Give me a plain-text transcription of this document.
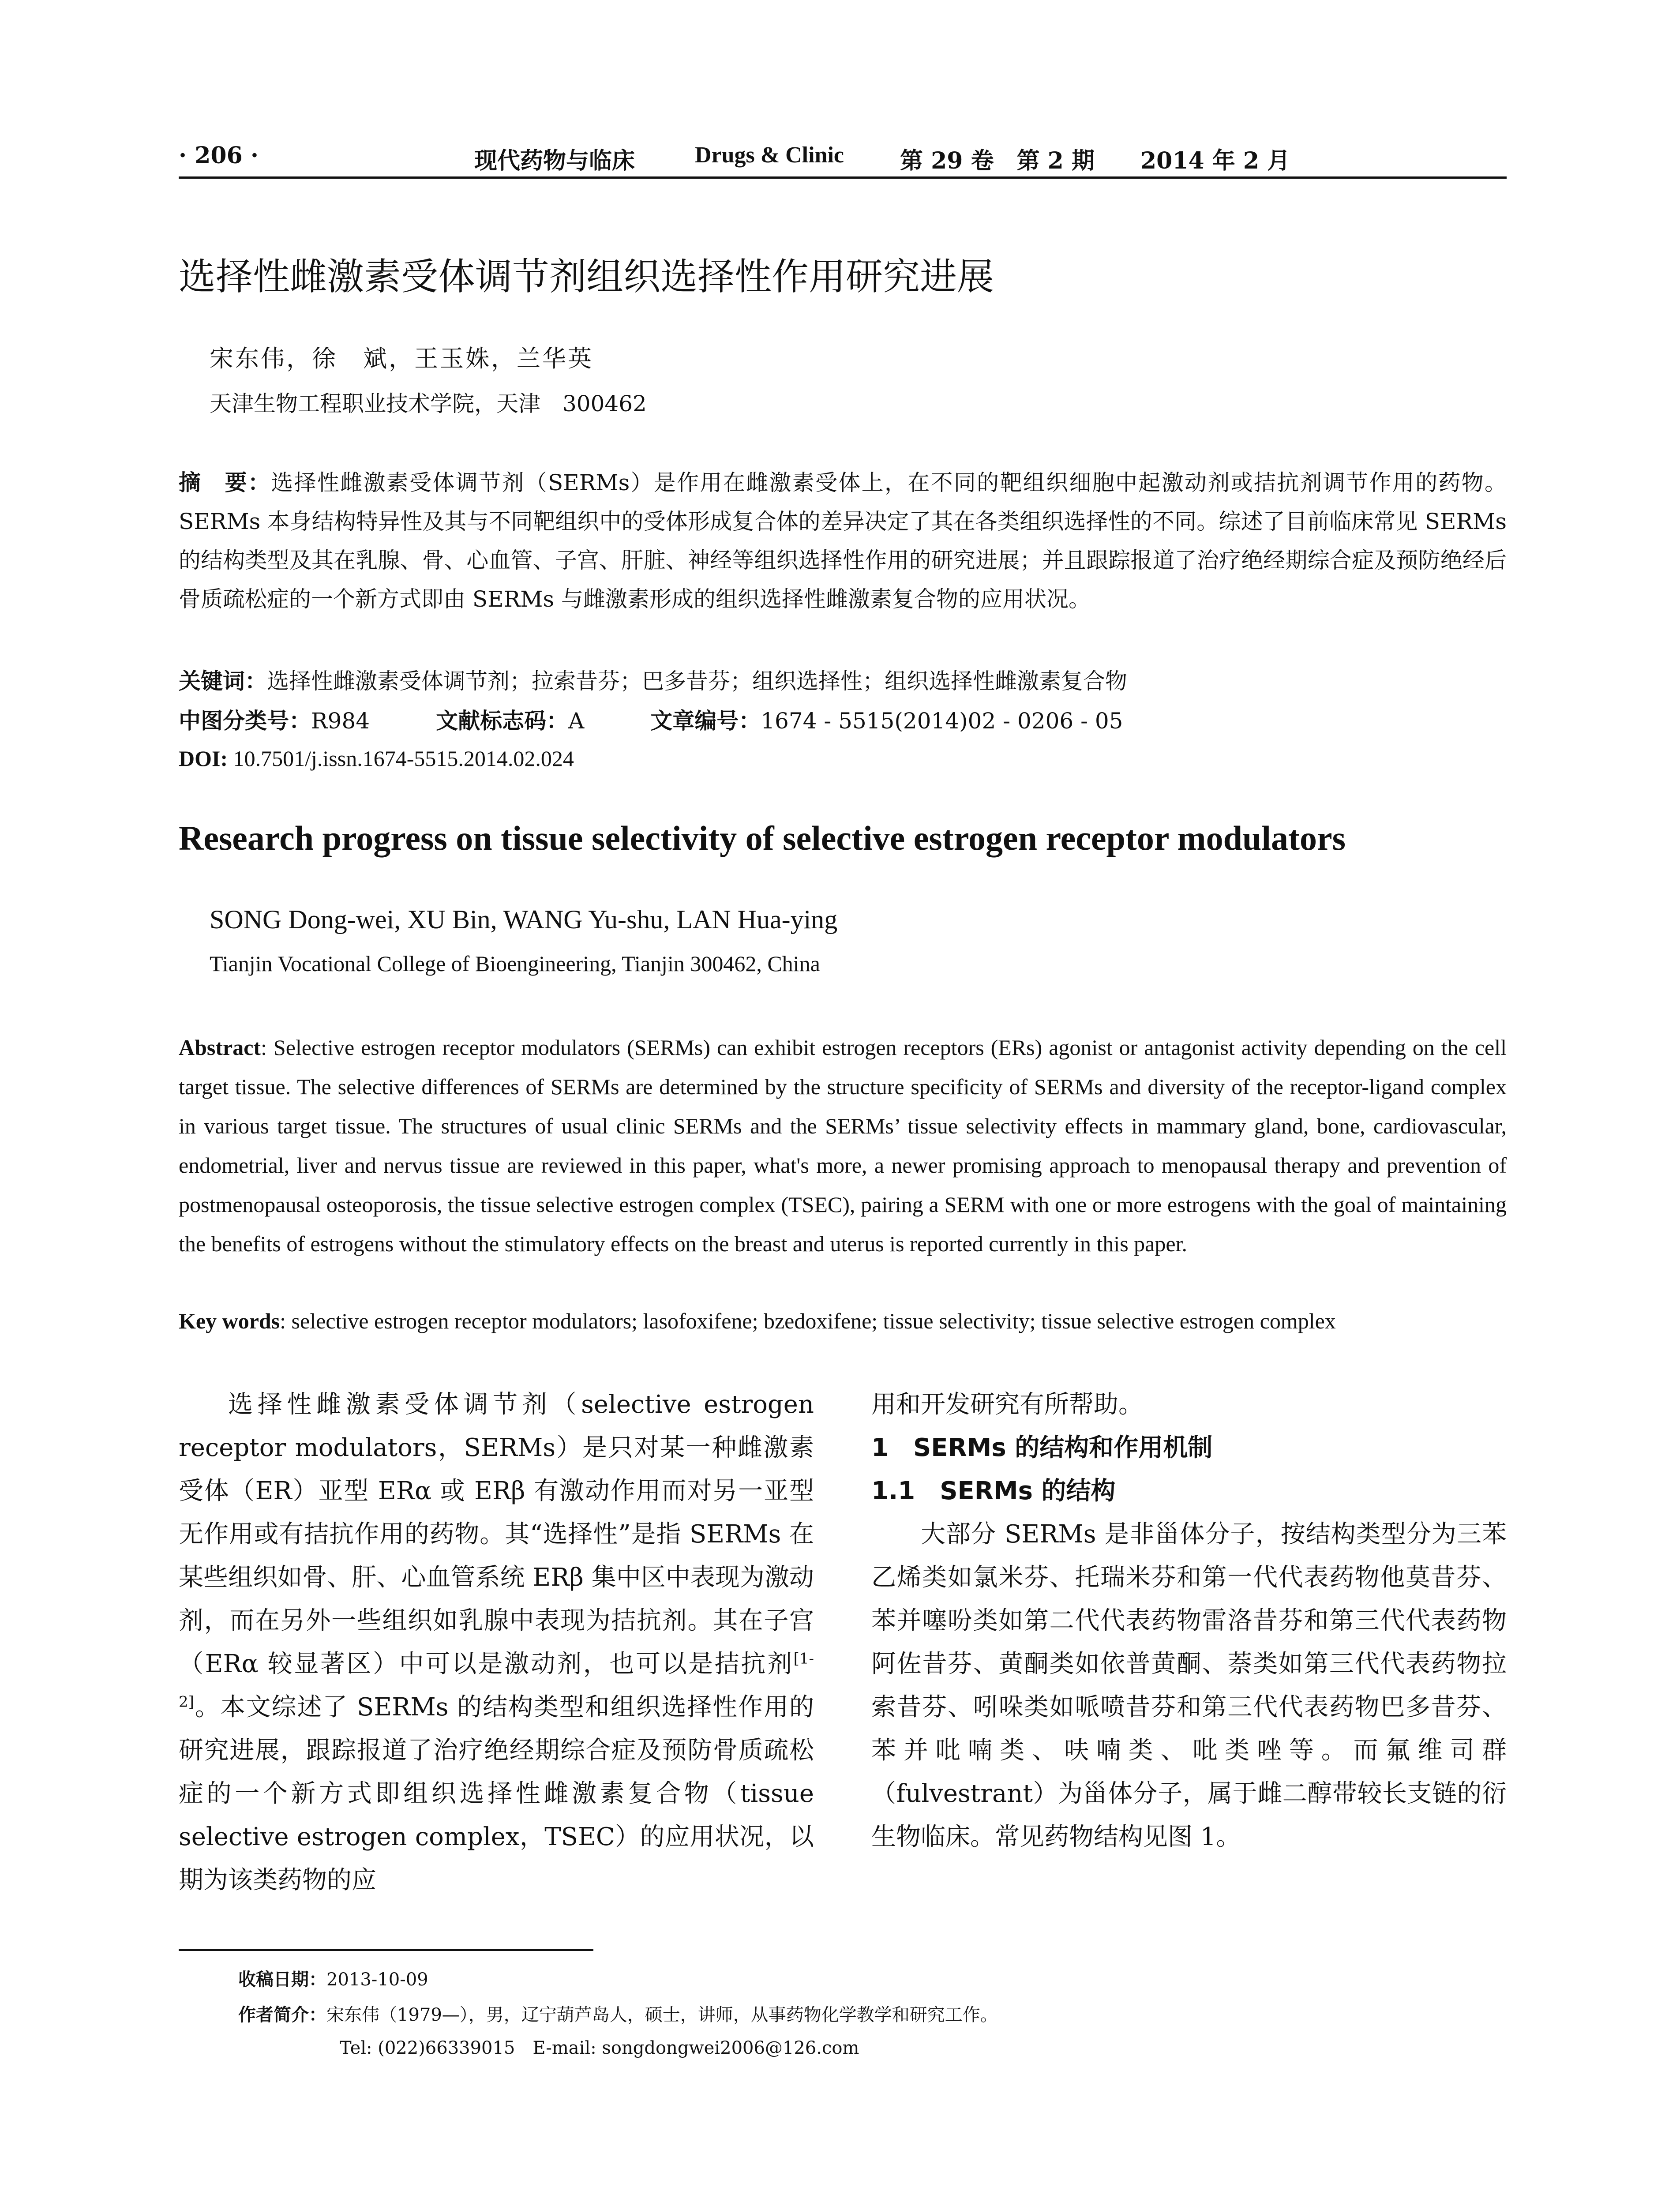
· 206 ·	现代药物与临床	Drugs & Clinic 第 29 卷　第 2 期 2014 年 2 月
选择性雌激素受体调节剂组织选择性作用研究进展
宋东伟，徐　斌，王玉姝，兰华英
天津生物工程职业技术学院，天津　300462
摘　要：选择性雌激素受体调节剂（SERMs）是作用在雌激素受体上，在不同的靶组织细胞中起激动剂或拮抗剂调节作用的药物。SERMs 本身结构特异性及其与不同靶组织中的受体形成复合体的差异决定了其在各类组织选择性的不同。综述了目前临床常见 SERMs 的结构类型及其在乳腺、骨、心血管、子宫、肝脏、神经等组织选择性作用的研究进展；并且跟踪报道了治疗绝经期综合症及预防绝经后骨质疏松症的一个新方式即由 SERMs 与雌激素形成的组织选择性雌激素复合物的应用状况。
关键词：选择性雌激素受体调节剂；拉索昔芬；巴多昔芬；组织选择性；组织选择性雌激素复合物
中图分类号：R984	文献标志码：A	文章编号：1674 - 5515(2014)02 - 0206 - 05
DOI: 10.7501/j.issn.1674-5515.2014.02.024
Research progress on tissue selectivity of selective estrogen receptor modulators
SONG Dong-wei, XU Bin, WANG Yu-shu, LAN Hua-ying
Tianjin Vocational College of Bioengineering, Tianjin 300462, China
Abstract: Selective estrogen receptor modulators (SERMs) can exhibit estrogen receptors (ERs) agonist or antagonist activity depending on the cell target tissue. The selective differences of SERMs are determined by the structure specificity of SERMs and diversity of the receptor-ligand complex in various target tissue. The structures of usual clinic SERMs and the SERMs’ tissue selectivity effects in mammary gland, bone, cardiovascular, endometrial, liver and nervus tissue are reviewed in this paper, what's more, a newer promising approach to menopausal therapy and prevention of postmenopausal osteoporosis, the tissue selective estrogen complex (TSEC), pairing a SERM with one or more estrogens with the goal of maintaining the benefits of estrogens without the stimulatory effects on the breast and uterus is reported currently in this paper.
Key words: selective estrogen receptor modulators; lasofoxifene; bzedoxifene; tissue selectivity; tissue selective estrogen complex

选择性雌激素受体调节剂（selective estrogen receptor modulators，SERMs）是只对某一种雌激素受体（ER）亚型 ERα 或 ERβ 有激动作用而对另一亚型无作用或有拮抗作用的药物。其“选择性”是指 SERMs 在某些组织如骨、肝、心血管系统 ERβ 集中区中表现为激动剂，而在另外一些组织如乳腺中表现为拮抗剂。其在子宫（ERα 较显著区）中可以是激动剂，也可以是拮抗剂[1-2]。本文综述了 SERMs 的结构类型和组织选择性作用的研究进展，跟踪报道了治疗绝经期综合症及预防骨质疏松症的一个新方式即组织选择性雌激素复合物（tissue selective estrogen complex，TSEC）的应用状况，以期为该类药物的应

用和开发研究有所帮助。
1　SERMs 的结构和作用机制
1.1　SERMs 的结构

大部分 SERMs 是非甾体分子，按结构类型分为三苯乙烯类如氯米芬、托瑞米芬和第一代代表药物他莫昔芬、苯并噻吩类如第二代代表药物雷洛昔芬和第三代代表药物阿佐昔芬、黄酮类如依普黄酮、萘类如第三代代表药物拉索昔芬、吲哚类如哌喷昔芬和第三代代表药物巴多昔芬、苯并吡喃类、呋喃类、吡类唑等。而氟维司群（fulvestrant）为甾体分子，属于雌二醇带较长支链的衍生物临床。常见药物结构见图 1。

收稿日期：2013-10-09
作者简介：宋东伟（1979—），男，辽宁葫芦岛人，硕士，讲师，从事药物化学教学和研究工作。
Tel: (022)66339015　E-mail: songdongwei2006@126.com
